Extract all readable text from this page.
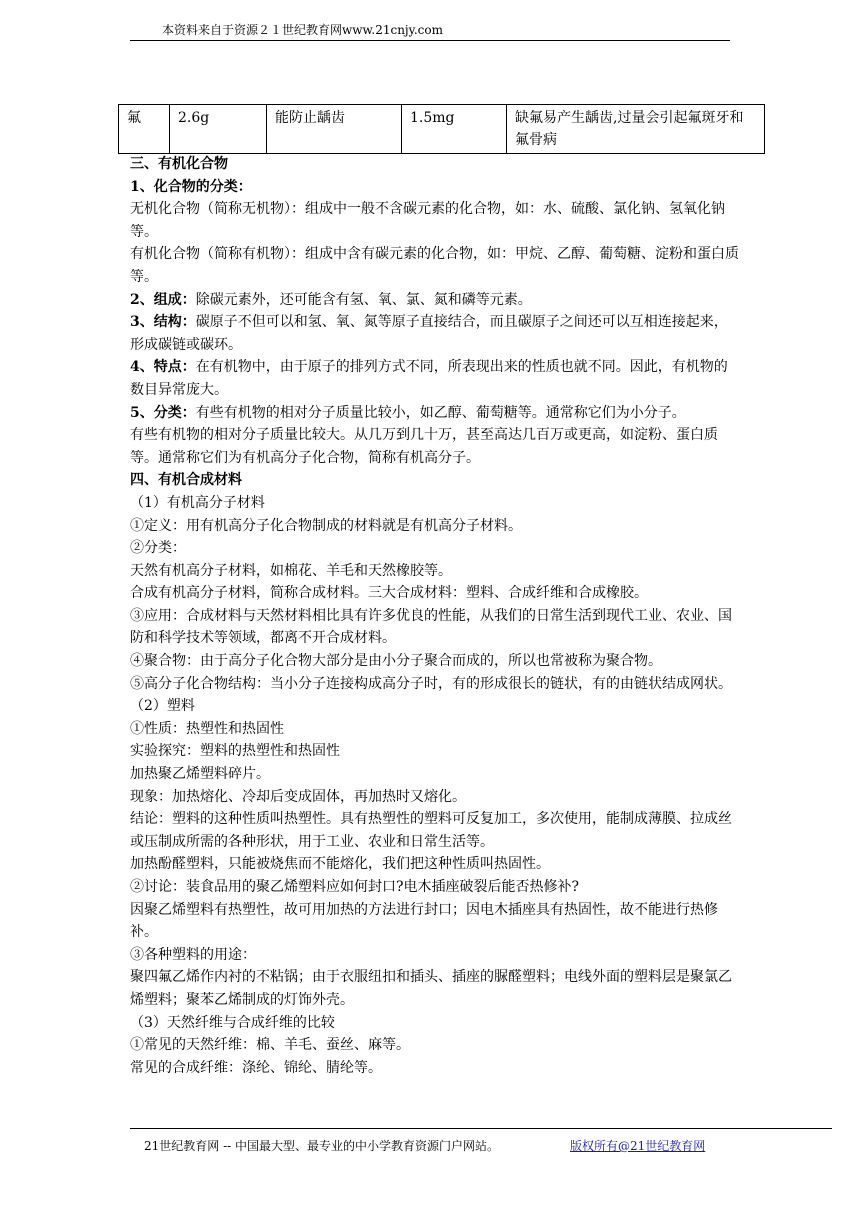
本资料来自于资源２１世纪教育网www.21cnjy.com
氟	2.6g	能防止龋齿	1.5mg	缺氟易产生龋齿,过量会引起氟斑牙和氟骨病

三、有机化合物

1、化合物的分类：

无机化合物（简称无机物）：组成中一般不含碳元素的化合物，如：水、硫酸、氯化钠、氢氧化钠等。

有机化合物（简称有机物）：组成中含有碳元素的化合物，如：甲烷、乙醇、葡萄糖、淀粉和蛋白质等。

2、组成：除碳元素外，还可能含有氢、氧、氯、氮和磷等元素。

3、结构：碳原子不但可以和氢、氧、氮等原子直接结合，而且碳原子之间还可以互相连接起来，形成碳链或碳环。

4、特点：在有机物中，由于原子的排列方式不同，所表现出来的性质也就不同。因此，有机物的数目异常庞大。

5、分类：有些有机物的相对分子质量比较小，如乙醇、葡萄糖等。通常称它们为小分子。

有些有机物的相对分子质量比较大。从几万到几十万，甚至高达几百万或更高，如淀粉、蛋白质等。通常称它们为有机高分子化合物，简称有机高分子。

四、有机合成材料

（1）有机高分子材料

①定义：用有机高分子化合物制成的材料就是有机高分子材料。

②分类：

天然有机高分子材料，如棉花、羊毛和天然橡胶等。

合成有机高分子材料，简称合成材料。三大合成材料：塑料、合成纤维和合成橡胶。

③应用：合成材料与天然材料相比具有许多优良的性能，从我们的日常生活到现代工业、农业、国防和科学技术等领域，都离不开合成材料。

④聚合物：由于高分子化合物大部分是由小分子聚合而成的，所以也常被称为聚合物。

⑤高分子化合物结构：当小分子连接构成高分子时，有的形成很长的链状，有的由链状结成网状。

（2）塑料

①性质：热塑性和热固性

实验探究：塑料的热塑性和热固性

加热聚乙烯塑料碎片。

现象：加热熔化、冷却后变成固体，再加热时又熔化。

结论：塑料的这种性质叫热塑性。具有热塑性的塑料可反复加工，多次使用，能制成薄膜、拉成丝或压制成所需的各种形状，用于工业、农业和日常生活等。

加热酚醛塑料，只能被烧焦而不能熔化，我们把这种性质叫热固性。

②讨论：装食品用的聚乙烯塑料应如何封口?电木插座破裂后能否热修补?

因聚乙烯塑料有热塑性，故可用加热的方法进行封口；因电木插座具有热固性，故不能进行热修补。

③各种塑料的用途：

聚四氟乙烯作内衬的不粘锅；由于衣服纽扣和插头、插座的脲醛塑料；电线外面的塑料层是聚氯乙烯塑料；聚苯乙烯制成的灯饰外壳。

（3）天然纤维与合成纤维的比较

①常见的天然纤维：棉、羊毛、蚕丝、麻等。

常见的合成纤维：涤纶、锦纶、腈纶等。

21世纪教育网 -- 中国最大型、最专业的中小学教育资源门户网站。	版权所有@21世纪教育网
